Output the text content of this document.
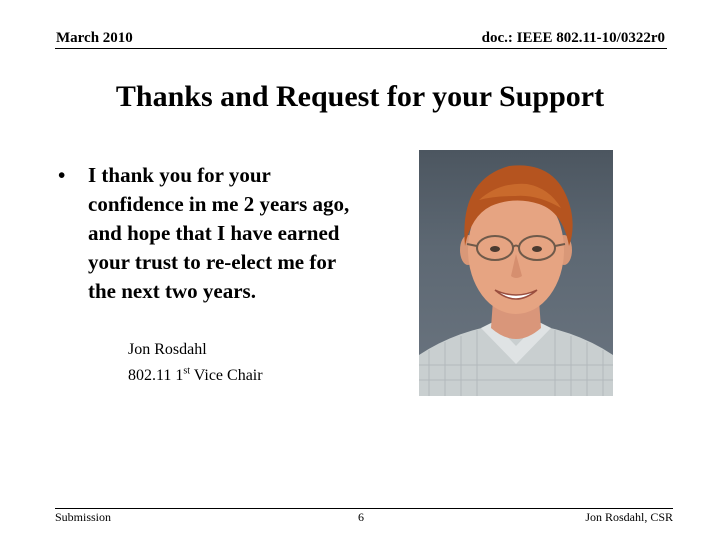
March 2010	doc.: IEEE 802.11-10/0322r0
Thanks and Request for your Support
• I thank you for your confidence in me 2 years ago, and hope that I have earned your trust to re-elect me for the next two years.
Jon Rosdahl
802.11 1st Vice Chair
Submission	6	Jon Rosdahl, CSR
